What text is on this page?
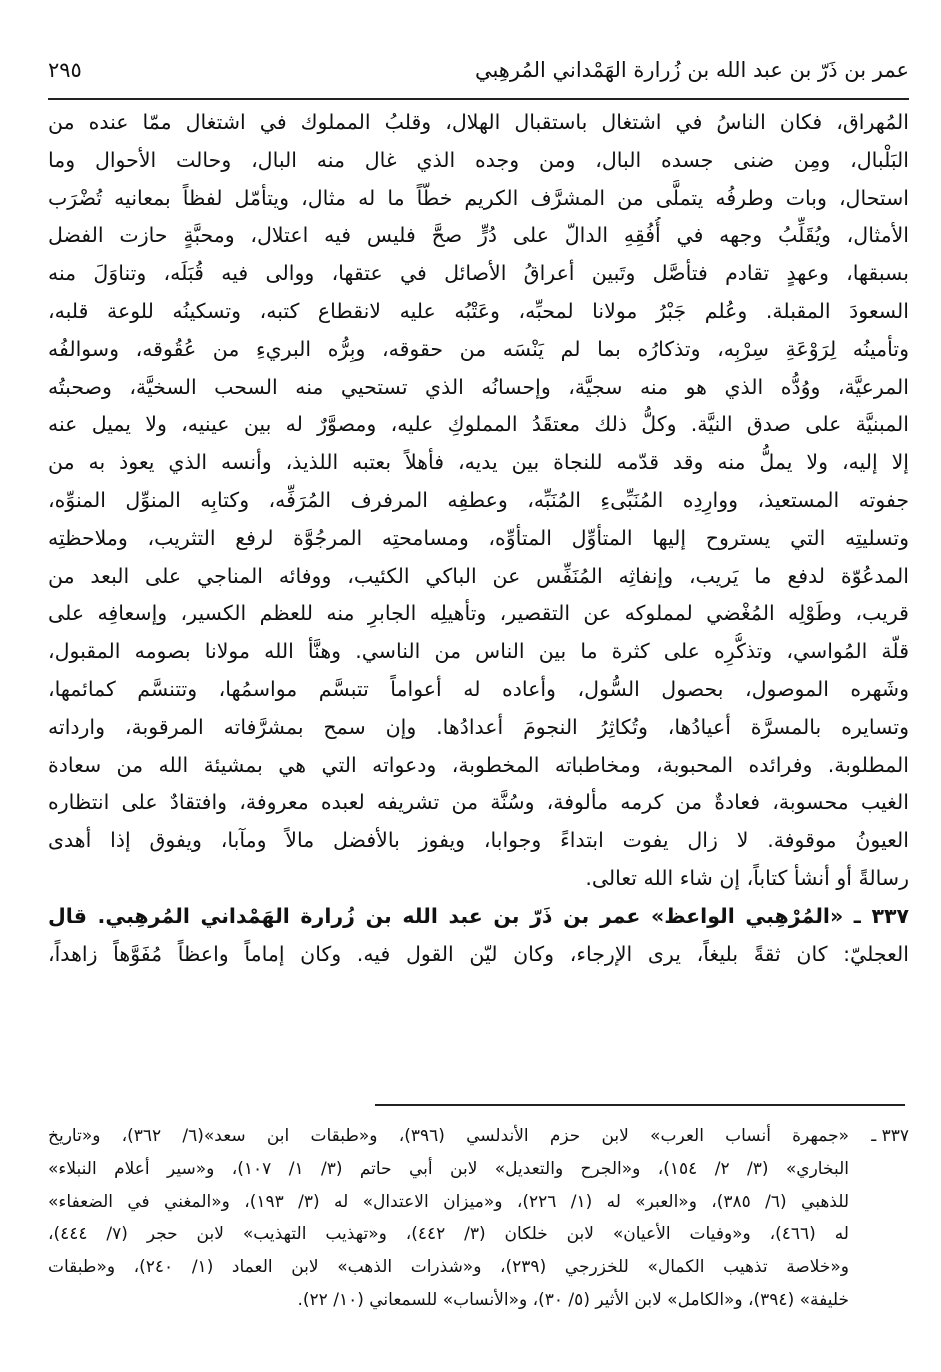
عمر بن ذَرّ بن عبد الله بن زُرارة الهَمْداني المُرهِبي
٢٩٥
المُهراق، فكان الناسُ في اشتغال باستقبال الهلال، وقلبُ المملوك في اشتغال ممّا عنده من
البَلْبال، ومِن ضنى جسده البال، ومن وجده الذي غال منه البال، وحالت الأحوال وما
استحال، وبات وطرفُه يتملَّى من المشرَّف الكريم خطّاً ما له مثال، ويتأمّل لفظاً بمعانيه تُضْرَب
الأمثال، ويُقَلِّبُ وجهه في أُفُقِهِ الدالّ على دُرٍّ صحَّ فليس فيه اعتلال، ومحبَّةٍ حازت الفضل
بسبقها، وعهدٍ تقادم فتأصَّل وتَبين أعراقُ الأصائل في عتقها، ووالى فيه قُبَلَه، وتناوَلَ منه
السعودَ المقبلة. وعُلم جَبْرُ مولانا لمحبِّه، وعَتْبُه عليه لانقطاع كتبه، وتسكينُه للوعة قلبه،
وتأمينُه لِرَوْعَةِ سِرْبِه، وتذكارُه بما لم يَنْسَه من حقوقه، وبِرُّه البريءِ من عُقُوقه، وسوالفُه
المرعيَّة، ووُدُّه الذي هو منه سجيَّة، وإحسانُه الذي تستحيي منه السحب السخيَّة، وصحبتُه
المبنيَّة على صدق النيَّة. وكلُّ ذلك معتقَدُ المملوكِ عليه، ومصوَّرٌ له بين عينيه، ولا يميل عنه
إلا إليه، ولا يملُّ منه وقد قدّمه للنجاة بين يديه، فأهلاً بعتبه اللذيذ، وأنسه الذي يعوذ به من
جفوته المستعيذ، ووارِدِه المُنَبِّىءِ المُنَبِّه، وعطفِه المرفرف المُرَفِّه، وكتابِه المنوِّل المنوِّه،
وتسليتِه التي يستروح إليها المتأوِّل المتأوِّه، ومسامحتِه المرجُوَّة لرفع التثريب، وملاحظتِه
المدعُوّة لدفع ما يَريب، وإنفاثِه المُنَفِّس عن الباكي الكئيب، ووفائه المناجي على البعد من
قريب، وطَوْلِه المُغْضي لمملوكه عن التقصير، وتأهيلِه الجابرِ منه للعظم الكسير، وإسعافِه على
قلّة المُواسي، وتذكُّرِه على كثرة ما بين الناس من الناسي. وهنَّأ الله مولانا بصومه المقبول،
وشَهره الموصول، بحصول السُّول، وأعاده له أعواماً تتبسَّم مواسمُها، وتتنسَّم كمائمها،
وتسايره بالمسرَّة أعيادُها، وتُكاثِرُ النجومَ أعدادُها. وإن سمح بمشرَّفاته المرقوبة، وارداته
المطلوبة. وفرائده المحبوبة، ومخاطباته المخطوبة، ودعواته التي هي بمشيئة الله من سعادة
الغيب محسوبة، فعادةٌ من كرمه مألوفة، وسُنَّة من تشريفه لعبده معروفة، وافتقادٌ على انتظاره
العيونُ موقوفة. لا زال يفوت ابتداءً وجوابا، ويفوز بالأفضل مالاً ومآبا، ويفوق إذا أهدى
رسالةً أو أنشأ كتاباً، إن شاء الله تعالى.
٣٣٧ ـ «المُرْهِبي الواعظ» عمر بن ذَرّ بن عبد الله بن زُرارة الهَمْداني المُرهِبي. قال
العجليّ: كان ثقةً بليغاً، يرى الإرجاء، وكان ليّن القول فيه. وكان إماماً واعظاً مُفَوَّهاً زاهداً،
٣٣٧ ـ«جمهرة أنساب العرب» لابن حزم الأندلسي (٣٩٦)، و«طبقات ابن سعد»(٦/ ٣٦٢)، و«تاريخ
البخاري» (٣/ ٢/ ١٥٤)، و«الجرح والتعديل» لابن أبي حاتم (٣/ ١/ ١٠٧)، و«سير أعلام النبلاء»
للذهبي (٦/ ٣٨٥)، و«العبر» له (١/ ٢٢٦)، و«ميزان الاعتدال» له (٣/ ١٩٣)، و«المغني في الضعفاء»
له (٤٦٦)، و«وفيات الأعيان» لابن خلكان (٣/ ٤٤٢)، و«تهذيب التهذيب» لابن حجر (٧/ ٤٤٤)،
و«خلاصة تذهيب الكمال» للخزرجي (٢٣٩)، و«شذرات الذهب» لابن العماد (١/ ٢٤٠)، و«طبقات
خليفة» (٣٩٤)، و«الكامل» لابن الأثير (٥/ ٣٠)، و«الأنساب» للسمعاني (١٠/ ٢٢).
